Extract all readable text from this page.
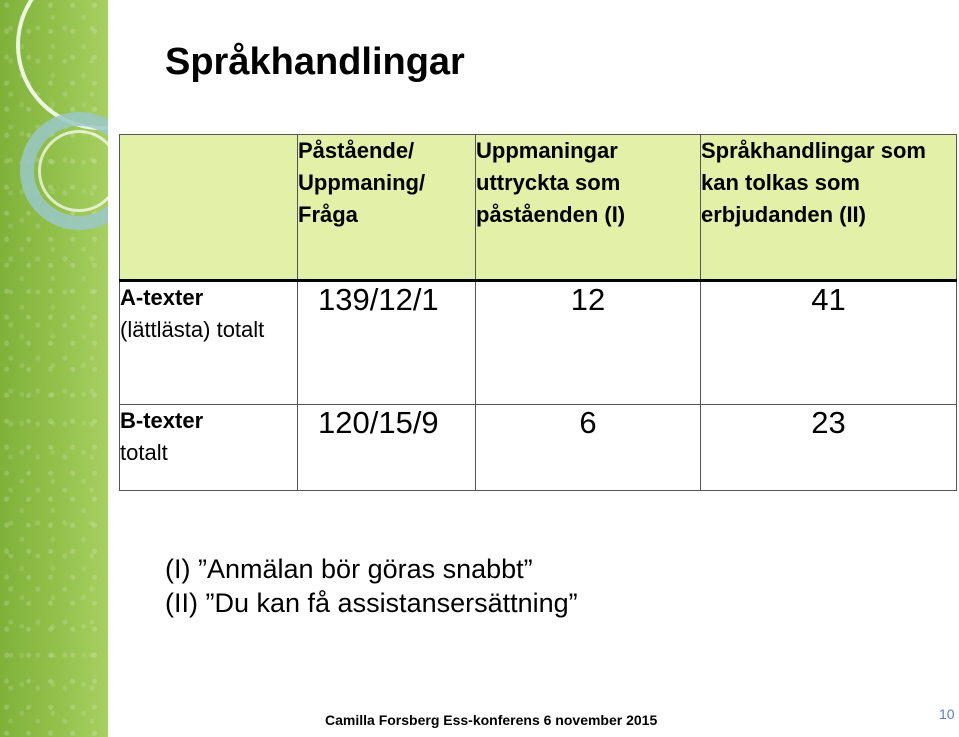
Språkhandlingar
	Påstående/ Uppmaning/ Fråga	Uppmaningar uttryckta som påståenden (I)	Språkhandlingar som kan tolkas som erbjudanden (II)
A-texter
(lättlästa) totalt	139/12/1	12	41
B-texter
totalt	120/15/9	6	23
(I) ”Anmälan bör göras snabbt”
(II) ”Du kan få assistansersättning”
Camilla Forsberg Ess-konferens 6 november 2015	10
